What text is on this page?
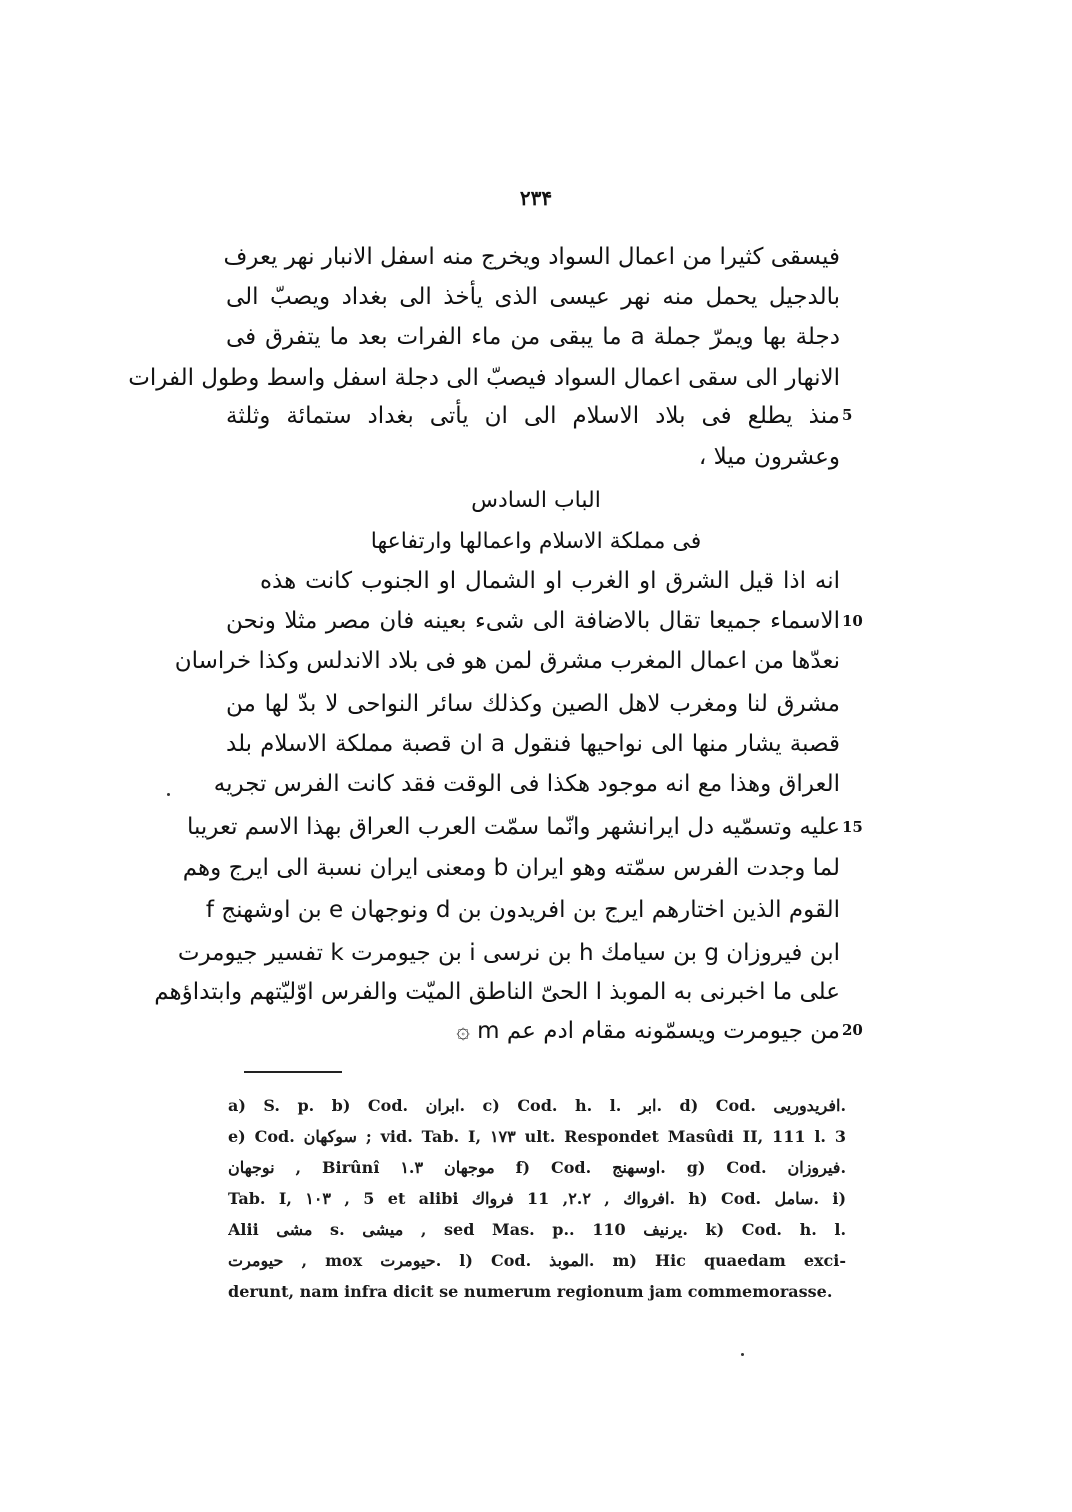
۲۳۴
فيسقى كثيرا من اعمال السواد ويخرج منه اسفل الانبار نهر يعرف
بالدجيل يحمل منه نهر عيسى الذى يأخذ الى بغداد ويصبّ الى
دجلة بها ويمرّ جملة a ما يبقى من ماء الفرات بعد ما يتفرق فى
الانهار الى سقى اعمال السواد فيصبّ الى دجلة اسفل واسط وطول الفرات
منذ يطلع فى بلاد الاسلام الى ان يأتى بغداد ستمائة وثلثة 5
وعشرون ميلا ،
الباب السادس
فى مملكة الاسلام واعمالها وارتفاعها
انه اذا قيل الشرق او الغرب او الشمال او الجنوب كانت هذه
الاسماء جميعا تقال بالاضافة الى شىء بعينه فان مصر مثلا ونحن 10
نعدّها من اعمال المغرب مشرق لمن هو فى بلاد الاندلس وكذا خراسان
مشرق لنا ومغرب لاهل الصين وكذلك سائر النواحى لا بدّ لها من
قصبة يشار منها الى نواحيها فنقول a ان قصبة مملكة الاسلام بلد
العراق وهذا مع انه موجود هكذا فى الوقت فقد كانت الفرس تجريه
عليه وتسمّيه دل ايرانشهر وانّما سمّت العرب العراق بهذا الاسم تعريبا 15
لما وجدت الفرس سمّته وهو ايران b ومعنى ايران نسبة الى ايرج وهم
القوم الذين اختارهم ايرج بن افريدون بن d ونوجهان e بن اوشهنج f
ابن فيروزان g بن سيامك h بن نرسى i بن جيومرت k تفسير جيومرت
على ما اخبرنى به الموبذ l الحىّ الناطق الميّت والفرس اوّليّتهم وابتداؤهم
من جيومرت ويسمّونه مقام ادم عم m ۞ 20
a) S. p. b) Cod. ابران. c) Cod. h. l. ابر. d) Cod. افريدوريى.
e) Cod. سوكهان ; vid. Tab. I, ۱۷۳ ult. Respondet Masûdi II, 111 l. 3
نوجهان , Birûnî ۱.۳ موجهان f) Cod. اوسهنج. g) Cod. فيروزان.
Tab. I, ۱۰۳ , 5 et alibi افرواك , ۲.۲, 11 فرواك. h) Cod. سامل. i)
Alii مشى s. ميشى , sed Mas. p.. 110 يرنيف. k) Cod. h. l.
حيومرت , mox حيومرت. l) Cod. الموبذ. m) Hic quaedam exci-
derunt, nam infra dicit se numerum regionum jam commemorasse.
